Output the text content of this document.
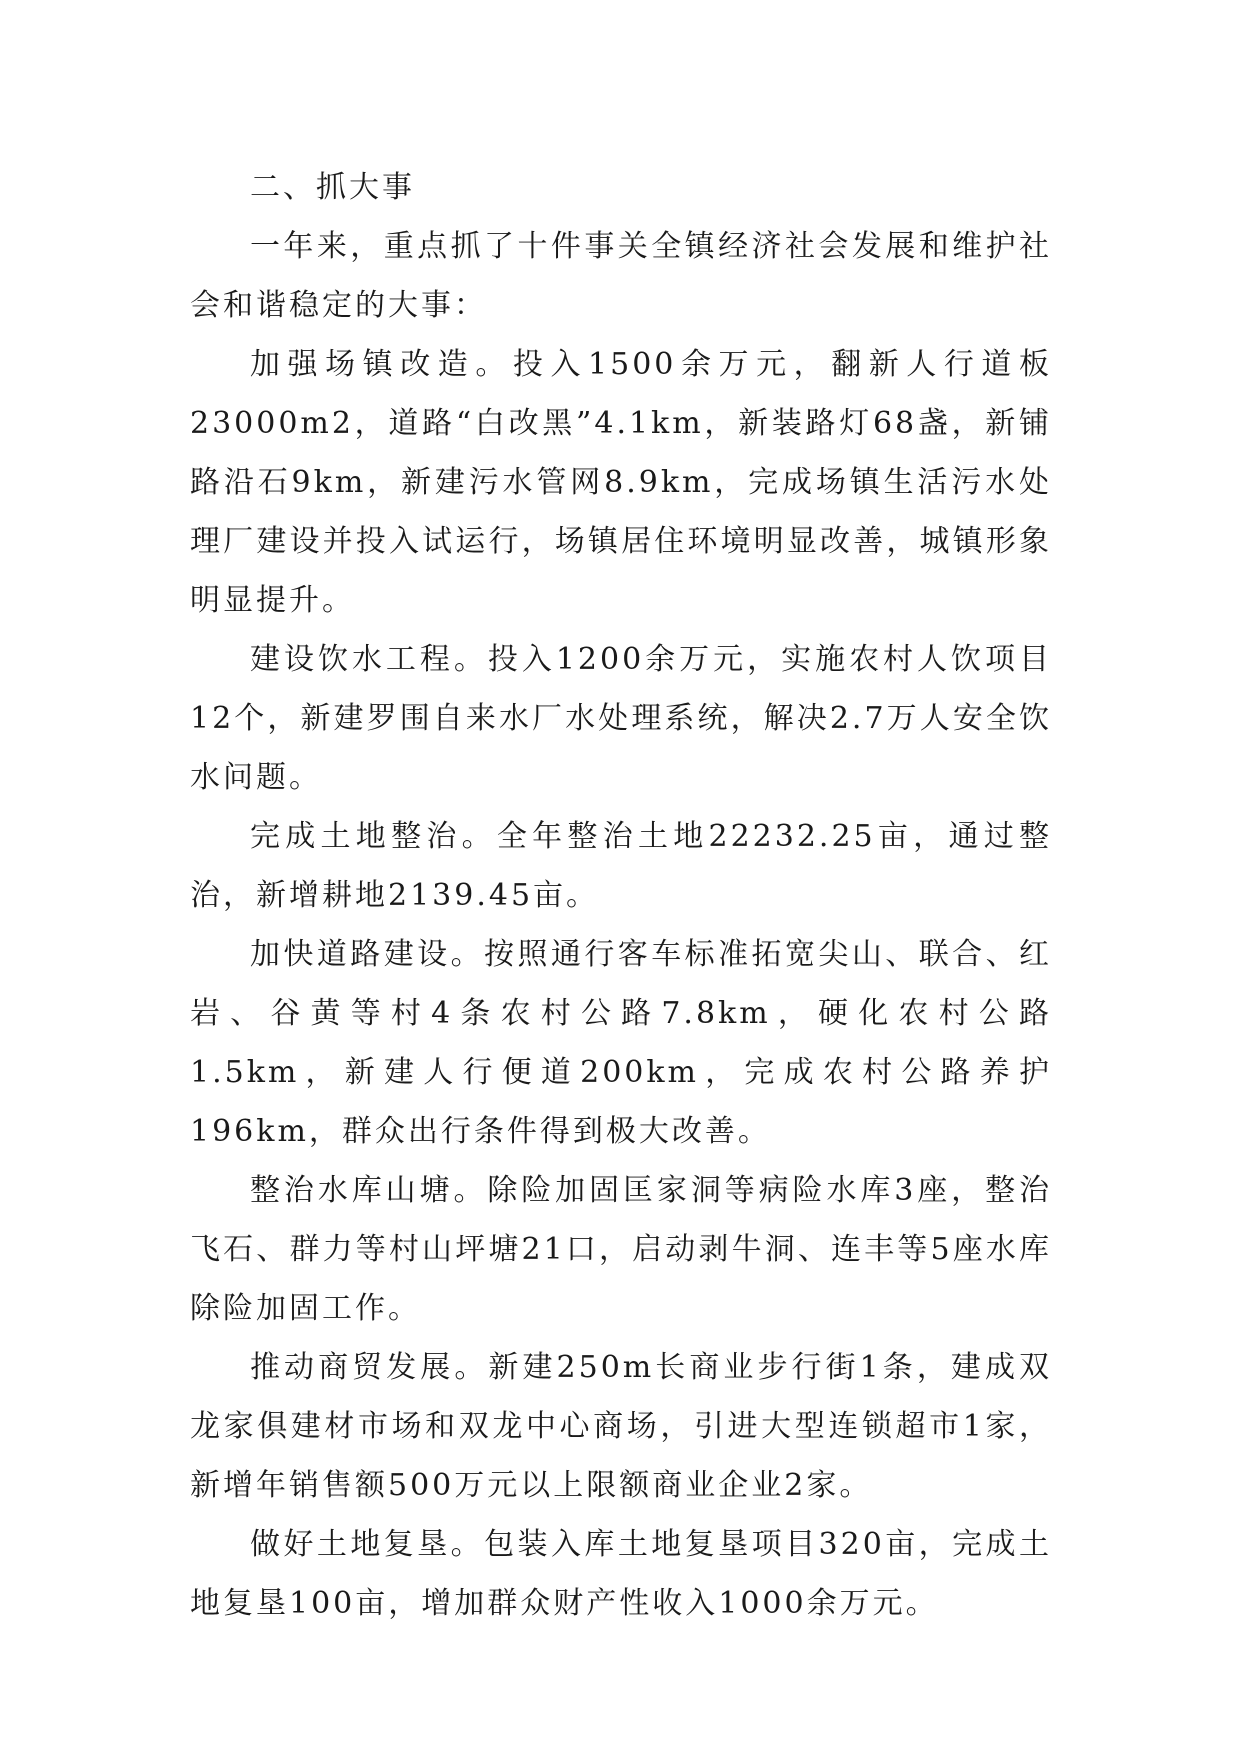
二、抓大事

一年来，重点抓了十件事关全镇经济社会发展和维护社会和谐稳定的大事：

加强场镇改造。投入1500余万元，翻新人行道板23000m2，道路“白改黑”4.1km，新装路灯68盏，新铺路沿石9km，新建污水管网8.9km，完成场镇生活污水处理厂建设并投入试运行，场镇居住环境明显改善，城镇形象明显提升。

建设饮水工程。投入1200余万元，实施农村人饮项目12个，新建罗围自来水厂水处理系统，解决2.7万人安全饮水问题。

完成土地整治。全年整治土地22232.25亩，通过整治，新增耕地2139.45亩。

加快道路建设。按照通行客车标准拓宽尖山、联合、红岩、谷黄等村4条农村公路7.8km，硬化农村公路1.5km，新建人行便道200km，完成农村公路养护196km，群众出行条件得到极大改善。

整治水库山塘。除险加固匡家洞等病险水库3座，整治飞石、群力等村山坪塘21口，启动剥牛洞、连丰等5座水库除险加固工作。

推动商贸发展。新建250m长商业步行街1条，建成双龙家俱建材市场和双龙中心商场，引进大型连锁超市1家，新增年销售额500万元以上限额商业企业2家。

做好土地复垦。包装入库土地复垦项目320亩，完成土地复垦100亩，增加群众财产性收入1000余万元。
